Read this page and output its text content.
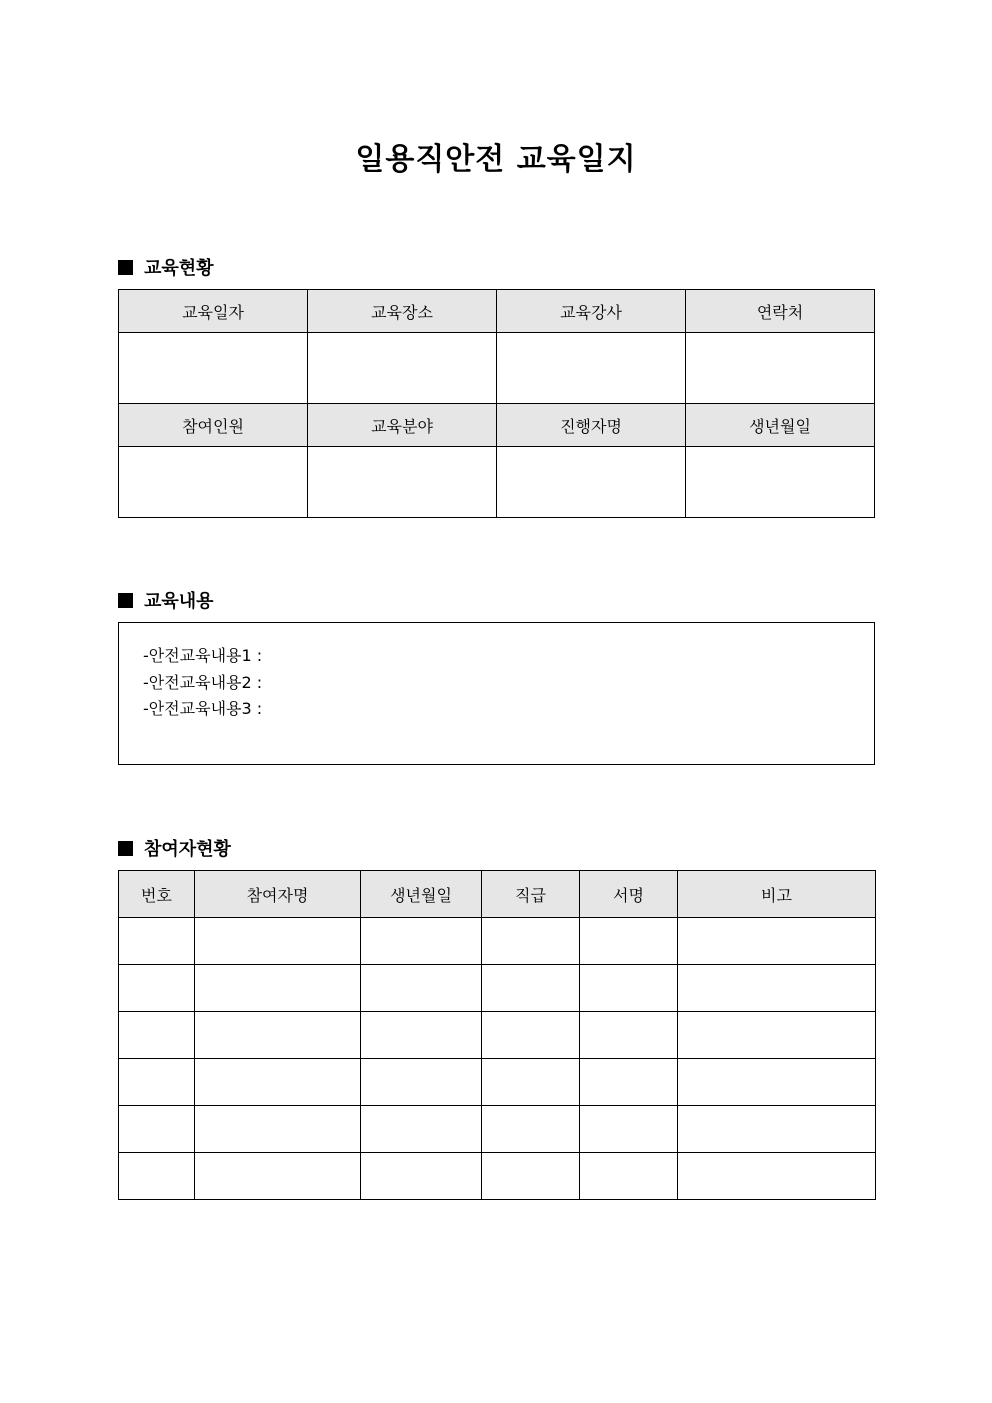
일용직안전 교육일지
교육현황
교육일자	교육장소	교육강사	연락처

참여인원	교육분야	진행자명	생년월일

교육내용
-안전교육내용1 :
-안전교육내용2 :
-안전교육내용3 :
참여자현황
번호	참여자명	생년월일	직급	서명	비고
